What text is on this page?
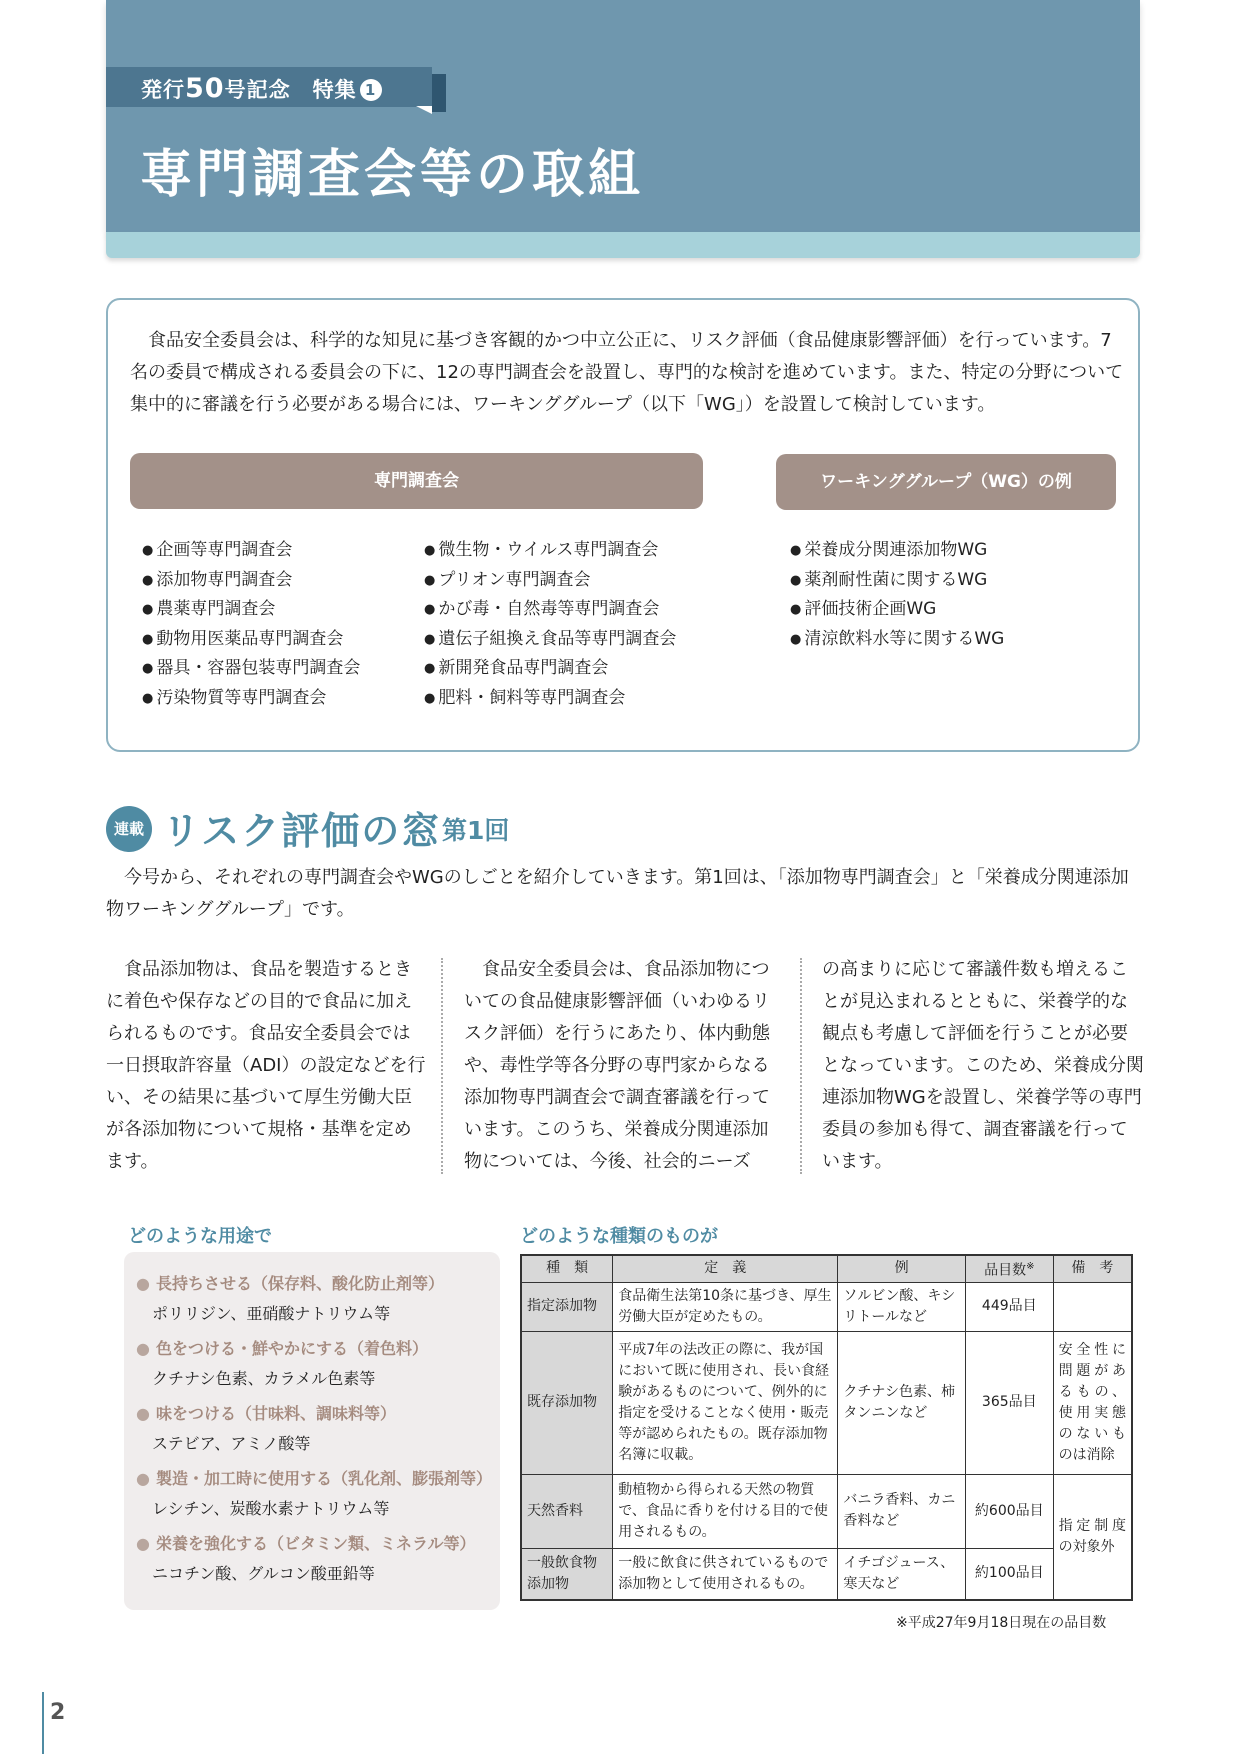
発行50号記念　特集 1
専門調査会等の取組

食品安全委員会は、科学的な知見に基づき客観的かつ中立公正に、リスク評価（食品健康影響評価）を行っています。7名の委員で構成される委員会の下に、12の専門調査会を設置し、専門的な検討を進めています。また、特定の分野について集中的に審議を行う必要がある場合には、ワーキンググループ（以下「WG」）を設置して検討しています。

専門調査会	ワーキンググループ（WG）の例
● 企画等専門調査会
● 添加物専門調査会
● 農薬専門調査会
● 動物用医薬品専門調査会
● 器具・容器包装専門調査会
● 汚染物質等専門調査会
● 微生物・ウイルス専門調査会
● プリオン専門調査会
● かび毒・自然毒等専門調査会
● 遺伝子組換え食品等専門調査会
● 新開発食品専門調査会
● 肥料・飼料等専門調査会
● 栄養成分関連添加物WG
● 薬剤耐性菌に関するWG
● 評価技術企画WG
● 清涼飲料水等に関するWG
連載 リスク評価の窓 第1回

今号から、それぞれの専門調査会やWGのしごとを紹介していきます。第1回は、「添加物専門調査会」と「栄養成分関連添加物ワーキンググループ」です。

食品添加物は、食品を製造するときに着色や保存などの目的で食品に加えられるものです。食品安全委員会では一日摂取許容量（ADI）の設定などを行い、その結果に基づいて厚生労働大臣が各添加物について規格・基準を定めます。

食品安全委員会は、食品添加物についての食品健康影響評価（いわゆるリスク評価）を行うにあたり、体内動態や、毒性学等各分野の専門家からなる添加物専門調査会で調査審議を行っています。このうち、栄養成分関連添加物については、今後、社会的ニーズ

の高まりに応じて審議件数も増えることが見込まれるとともに、栄養学的な観点も考慮して評価を行うことが必要となっています。このため、栄養成分関連添加物WGを設置し、栄養学等の専門委員の参加も得て、調査審議を行っています。

どのような用途で
● 長持ちさせる（保存料、酸化防止剤等）
ポリリジン、亜硝酸ナトリウム等
● 色をつける・鮮やかにする（着色料）
クチナシ色素、カラメル色素等
● 味をつける（甘味料、調味料等）
ステビア、アミノ酸等
● 製造・加工時に使用する（乳化剤、膨張剤等）
レシチン、炭酸水素ナトリウム等
● 栄養を強化する（ビタミン類、ミネラル等）
ニコチン酸、グルコン酸亜鉛等
どのような種類のものが
種　類	定　義	例	品目数※	備　考
指定添加物	食品衛生法第10条に基づき、厚生労働大臣が定めたもの。	ソルビン酸、キシリトールなど	449品目	
既存添加物	平成7年の法改正の際に、我が国において既に使用され、長い食経験があるものについて、例外的に指定を受けることなく使用・販売等が認められたもの。既存添加物名簿に収載。	クチナシ色素、柿タンニンなど	365品目	安全性に問題があるもの、使用実態のないものは消除
天然香料	動植物から得られる天然の物質で、食品に香りを付ける目的で使用されるもの。	バニラ香料、カニ香料など	約600品目	指定制度の対象外
一般飲食物添加物	一般に飲食に供されているもので添加物として使用されるもの。	イチゴジュース、寒天など	約100品目	
※平成27年9月18日現在の品目数
2
